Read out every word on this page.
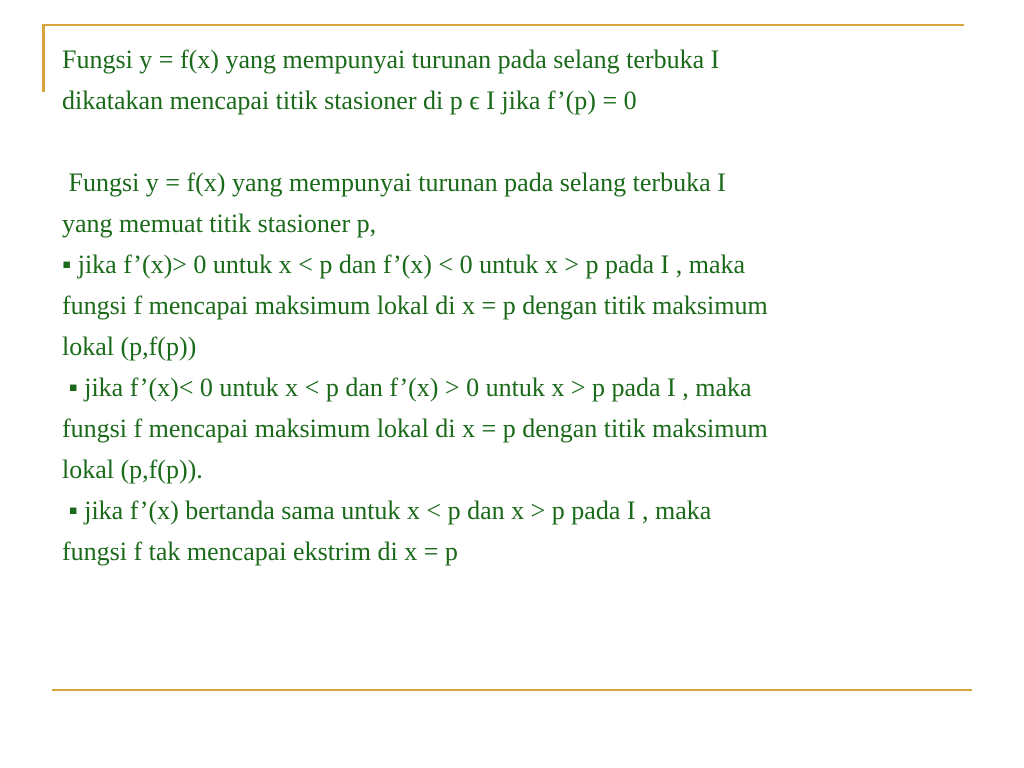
Fungsi y = f(x) yang mempunyai turunan pada selang terbuka I

dikatakan mencapai titik stasioner di p ϵ I jika f’(p) = 0

Fungsi y = f(x) yang mempunyai turunan pada selang terbuka I

yang memuat titik stasioner p,

▪ jika f’(x)> 0 untuk x < p dan f’(x) < 0 untuk x > p pada I , maka

fungsi f mencapai maksimum lokal di x = p dengan titik maksimum

lokal (p,f(p))

▪ jika f’(x)< 0 untuk x < p dan f’(x) > 0 untuk x > p pada I , maka

fungsi f mencapai maksimum lokal di x = p dengan titik maksimum

lokal (p,f(p)).

▪ jika f’(x) bertanda sama untuk x < p dan x > p pada I , maka

fungsi f tak mencapai ekstrim di x = p
